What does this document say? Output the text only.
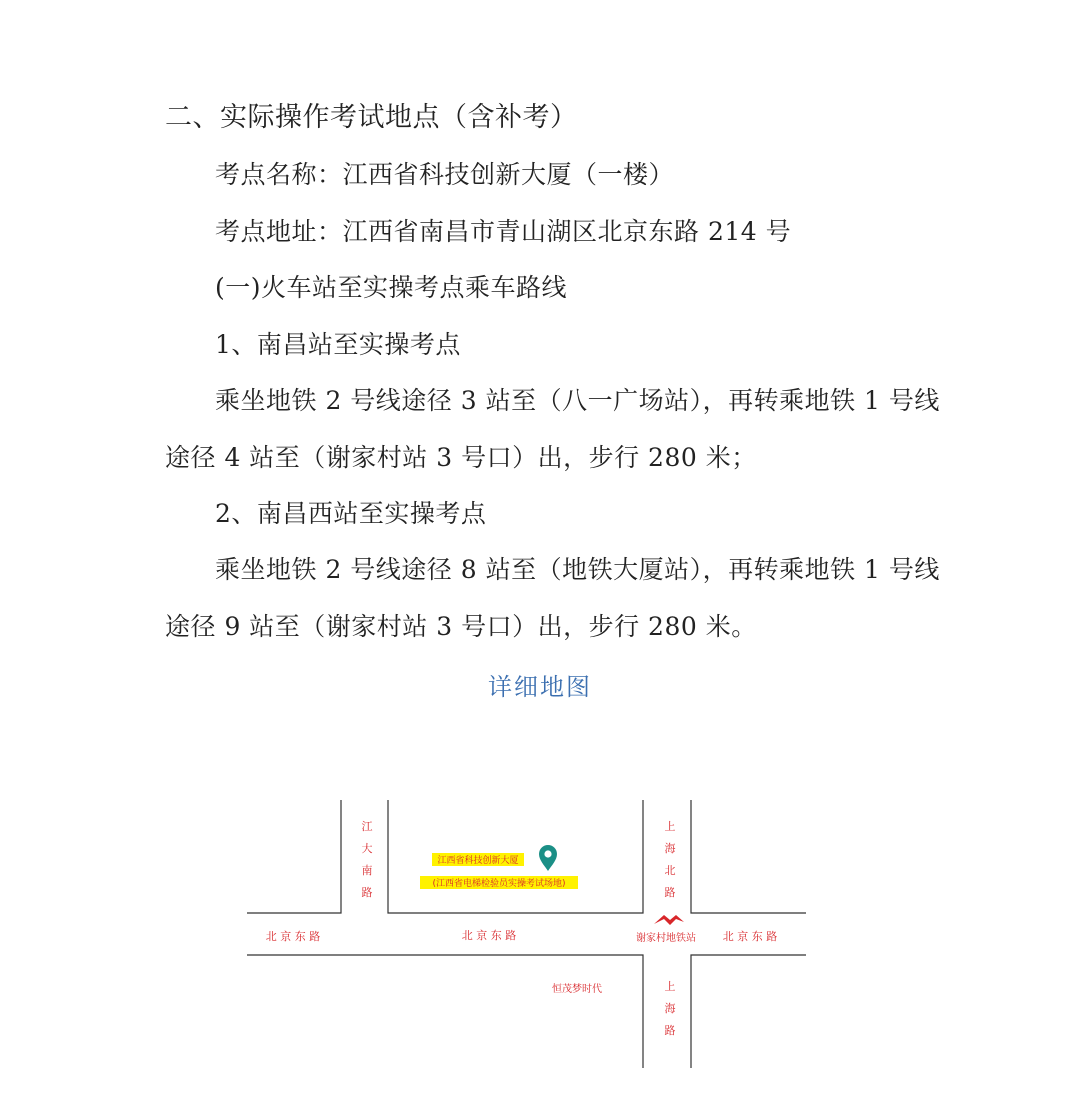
二、实际操作考试地点（含补考）
考点名称：江西省科技创新大厦（一楼）
考点地址：江西省南昌市青山湖区北京东路 214 号
(一)火车站至实操考点乘车路线
1、南昌站至实操考点
乘坐地铁 2 号线途径 3 站至（八一广场站），再转乘地铁 1 号线
途径 4 站至（谢家村站 3 号口）出，步行 280 米；
2、南昌西站至实操考点
乘坐地铁 2 号线途径 8 站至（地铁大厦站），再转乘地铁 1 号线
途径 9 站至（谢家村站 3 号口）出，步行 280 米。
详细地图
江
大
南
路
上
海
北
路
上
海
路
北 京 东 路	北 京 东 路	北 京 东 路
江西省科技创新大厦
(江西省电梯检验员实操考试场地)
谢家村地铁站
恒茂梦时代
